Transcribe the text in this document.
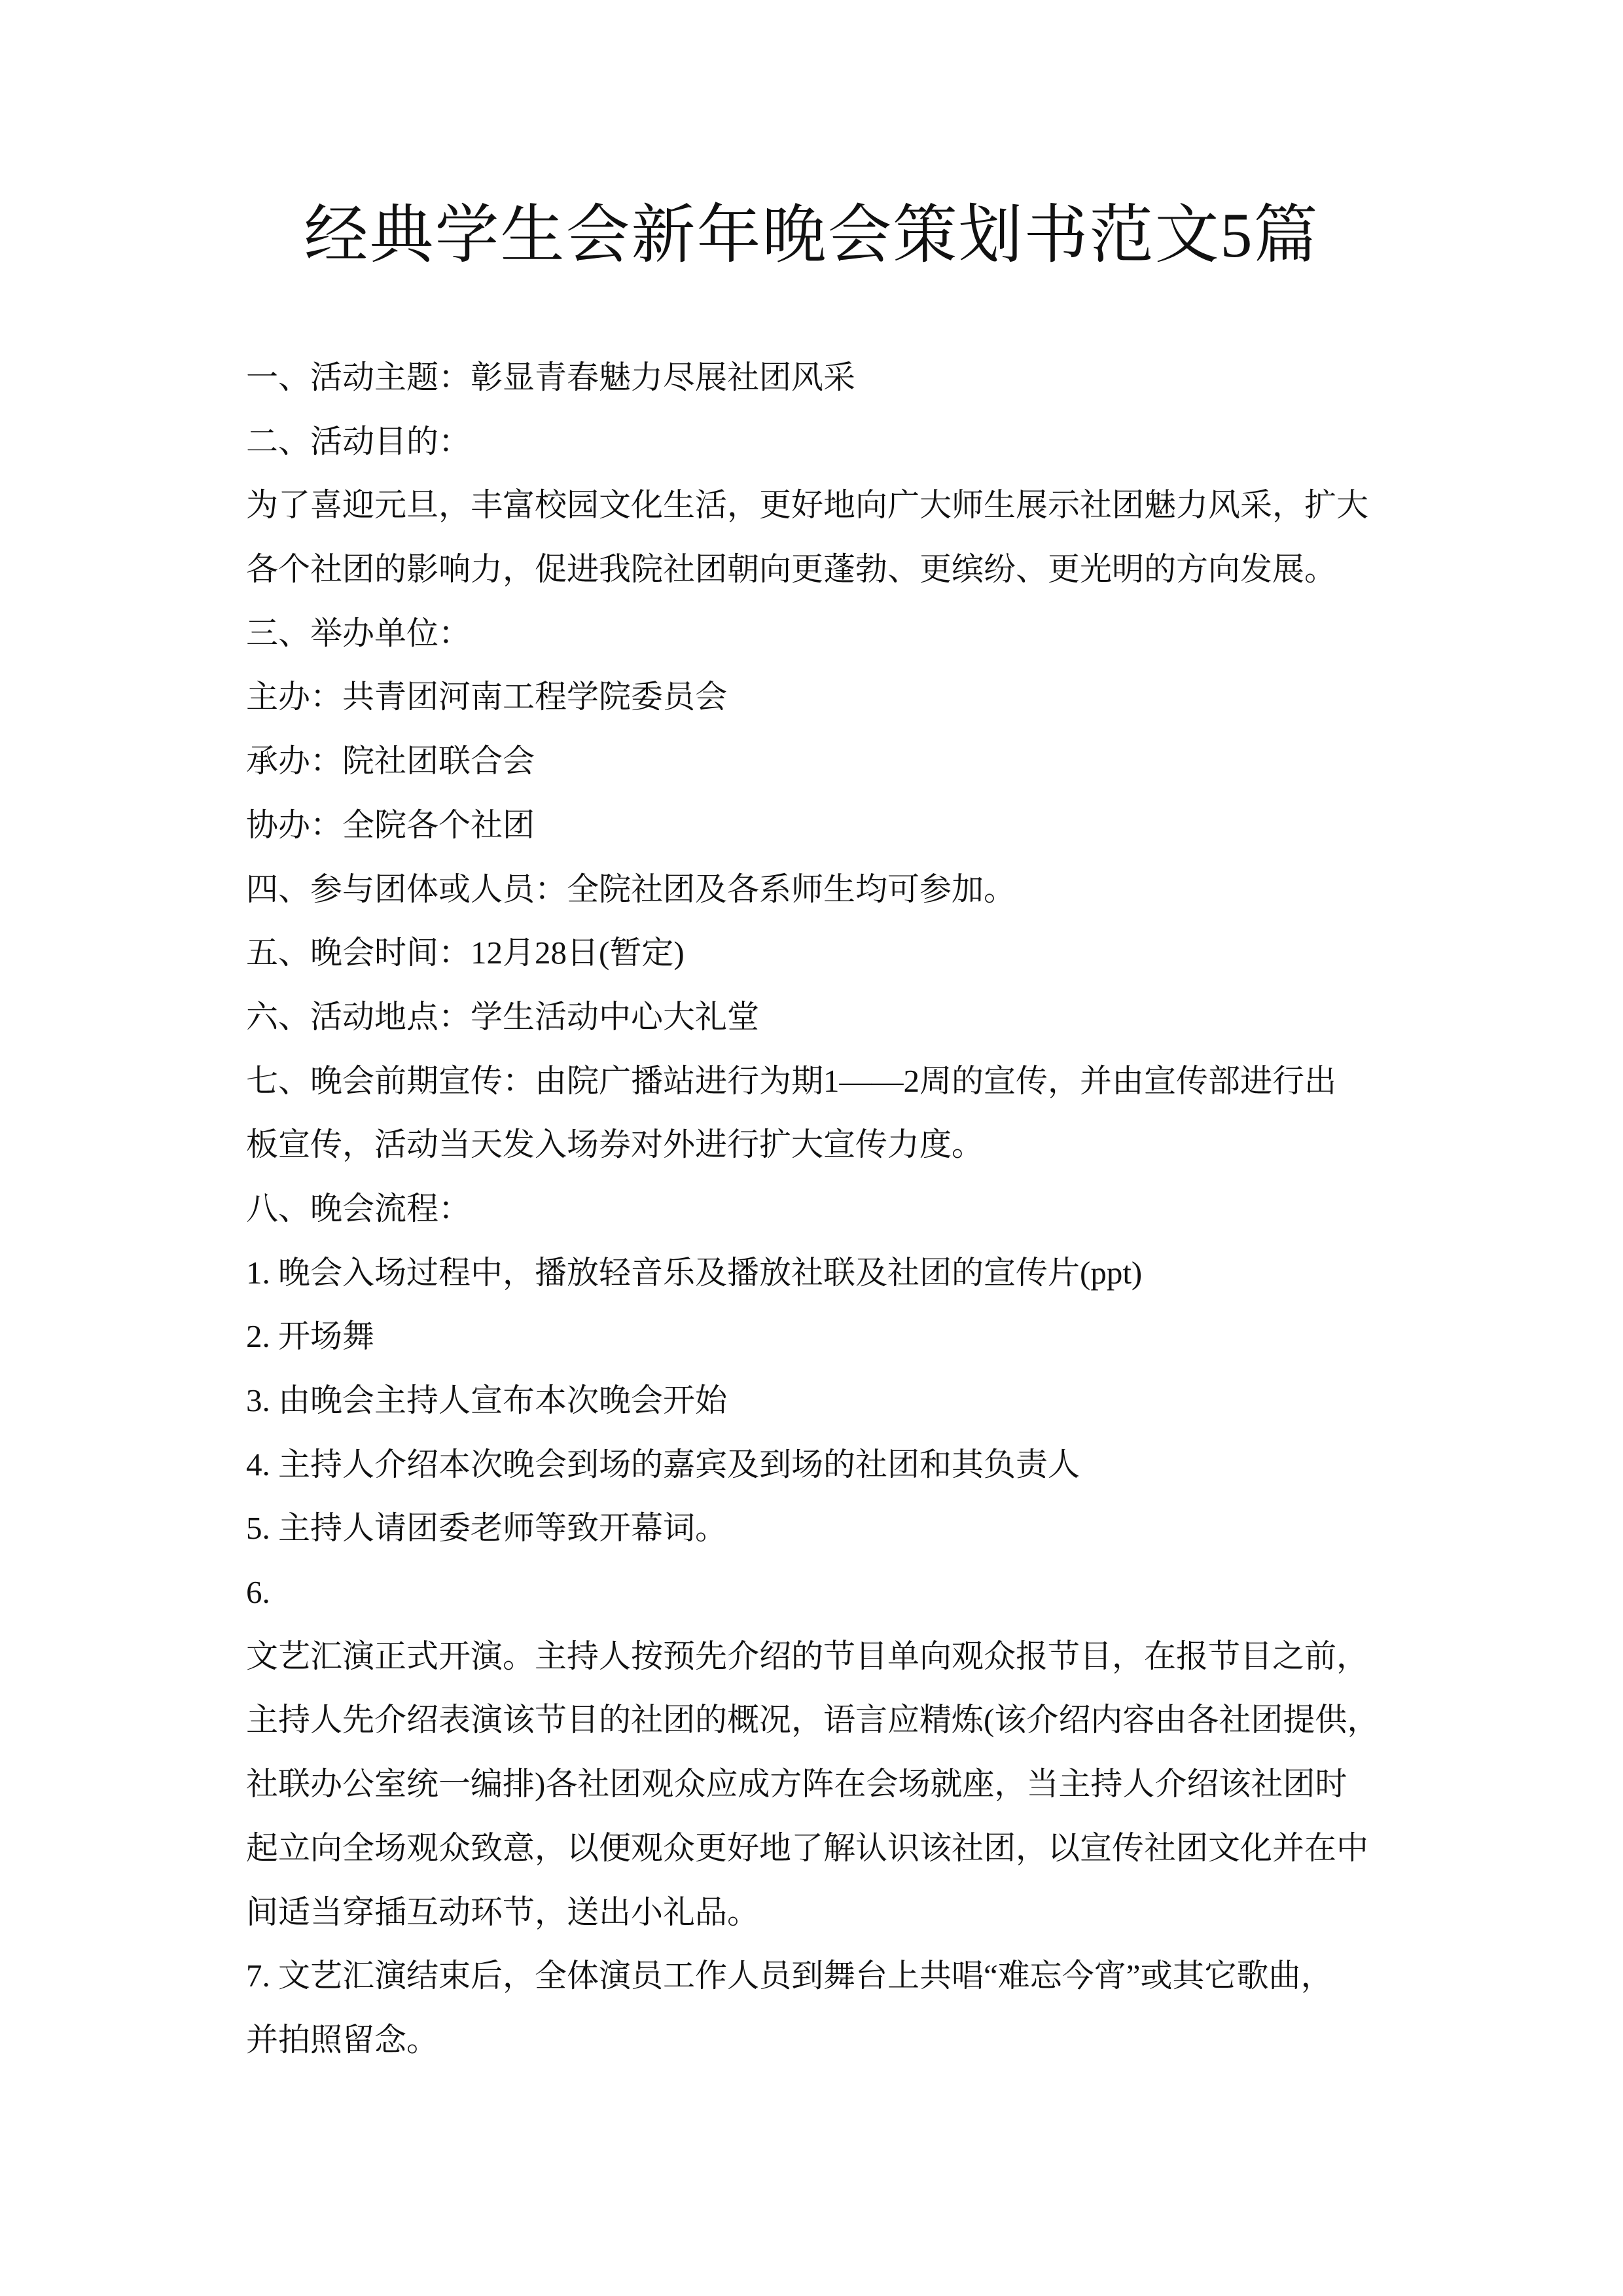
经典学生会新年晚会策划书范文5篇
一、活动主题：彰显青春魅力尽展社团风采
二、活动目的：
为了喜迎元旦，丰富校园文化生活，更好地向广大师生展示社团魅力风采，扩大
各个社团的影响力，促进我院社团朝向更蓬勃、更缤纷、更光明的方向发展。
三、举办单位：
主办：共青团河南工程学院委员会
承办：院社团联合会
协办：全院各个社团
四、参与团体或人员：全院社团及各系师生均可参加。
五、晚会时间：12月28日(暂定)
六、活动地点：学生活动中心大礼堂
七、晚会前期宣传：由院广播站进行为期1——2周的宣传，并由宣传部进行出
板宣传，活动当天发入场券对外进行扩大宣传力度。
八、晚会流程：
1. 晚会入场过程中，播放轻音乐及播放社联及社团的宣传片(ppt)
2. 开场舞
3. 由晚会主持人宣布本次晚会开始
4. 主持人介绍本次晚会到场的嘉宾及到场的社团和其负责人
5. 主持人请团委老师等致开幕词。
6.
文艺汇演正式开演。主持人按预先介绍的节目单向观众报节目，在报节目之前，
主持人先介绍表演该节目的社团的概况，语言应精炼(该介绍内容由各社团提供，
社联办公室统一编排)各社团观众应成方阵在会场就座，当主持人介绍该社团时
起立向全场观众致意，以便观众更好地了解认识该社团，以宣传社团文化并在中
间适当穿插互动环节，送出小礼品。
7. 文艺汇演结束后，全体演员工作人员到舞台上共唱“难忘今宵”或其它歌曲，
并拍照留念。
